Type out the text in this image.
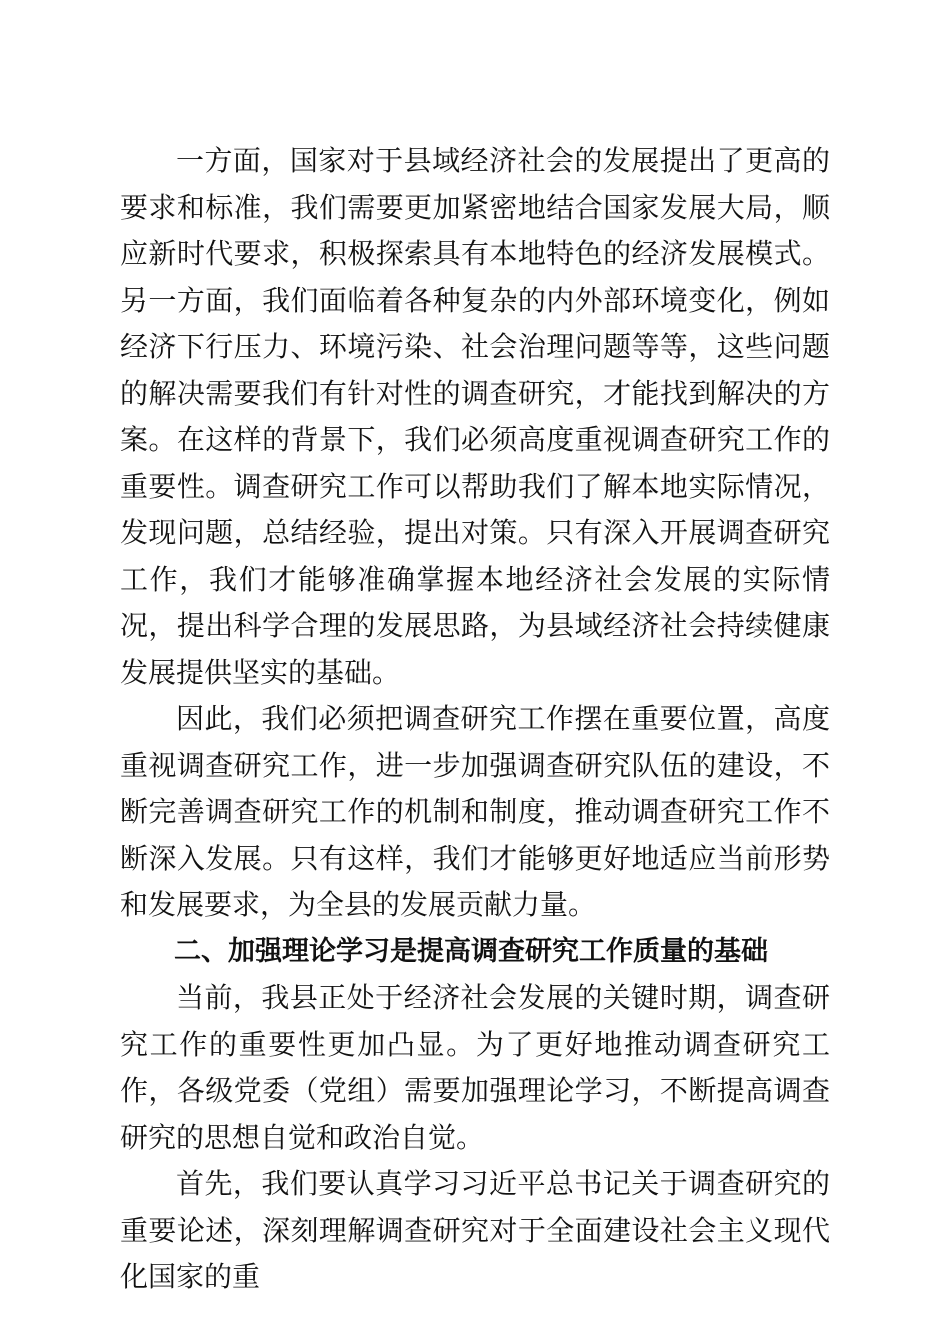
一方面，国家对于县域经济社会的发展提出了更高的要求和标准，我们需要更加紧密地结合国家发展大局，顺应新时代要求，积极探索具有本地特色的经济发展模式。另一方面，我们面临着各种复杂的内外部环境变化，例如经济下行压力、环境污染、社会治理问题等等，这些问题的解决需要我们有针对性的调查研究，才能找到解决的方案。在这样的背景下，我们必须高度重视调查研究工作的重要性。调查研究工作可以帮助我们了解本地实际情况，发现问题，总结经验，提出对策。只有深入开展调查研究工作，我们才能够准确掌握本地经济社会发展的实际情况，提出科学合理的发展思路，为县域经济社会持续健康发展提供坚实的基础。

因此，我们必须把调查研究工作摆在重要位置，高度重视调查研究工作，进一步加强调查研究队伍的建设，不断完善调查研究工作的机制和制度，推动调查研究工作不断深入发展。只有这样，我们才能够更好地适应当前形势和发展要求，为全县的发展贡献力量。

二、加强理论学习是提高调查研究工作质量的基础

当前，我县正处于经济社会发展的关键时期，调查研究工作的重要性更加凸显。为了更好地推动调查研究工作，各级党委（党组）需要加强理论学习，不断提高调查研究的思想自觉和政治自觉。

首先，我们要认真学习习近平总书记关于调查研究的重要论述，深刻理解调查研究对于全面建设社会主义现代化国家的重
